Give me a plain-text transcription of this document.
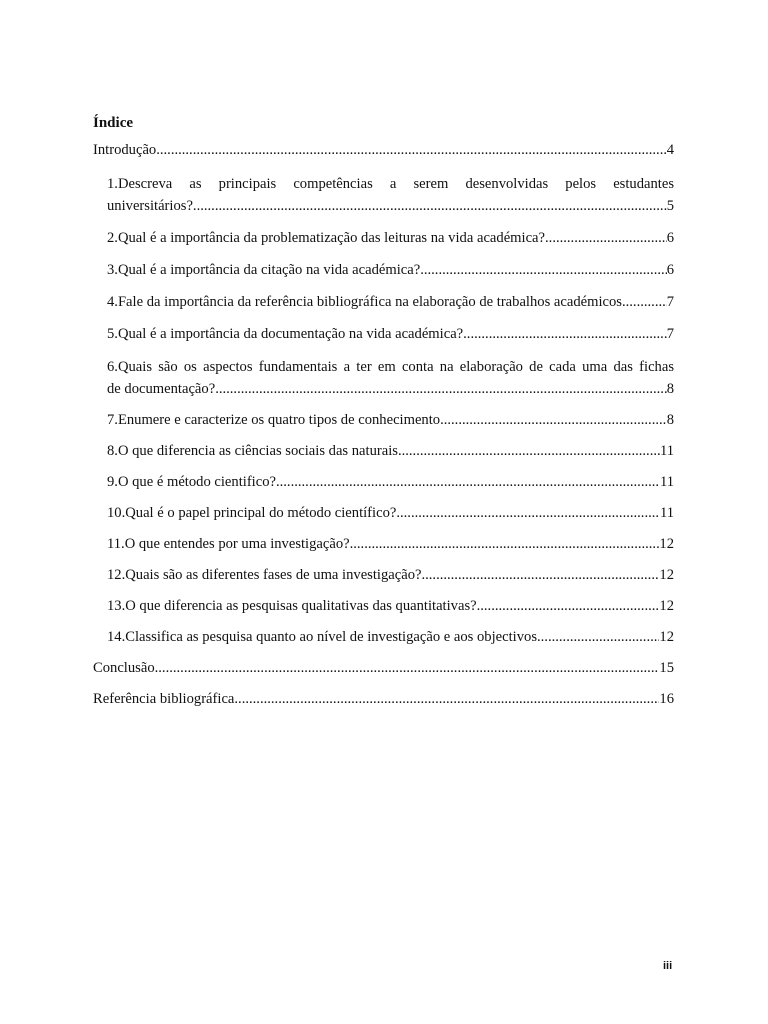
Índice
Introdução .....	4
1.Descreva as principais competências a serem desenvolvidas pelos estudantes
universitários? .....	5
2.Qual é a importância da problematização das leituras na vida académica? .....	6
3.Qual é a importância da citação na vida académica? .....	6
4.Fale da importância da referência bibliográfica na elaboração de trabalhos académicos .....	7
5.Qual é a importância da documentação na vida académica? .....	7
6.Quais são os aspectos fundamentais a ter em conta na elaboração de cada uma das fichas
de documentação? .....	8
7.Enumere e caracterize os quatro tipos de conhecimento .....	8
8.O que diferencia as ciências sociais das naturais .....	11
9.O que é método cientifico? .....	11
10.Qual é o papel principal do método científico? .....	11
11.O que entendes por uma investigação? .....	12
12.Quais são as diferentes fases de uma investigação? .....	12
13.O que diferencia as pesquisas qualitativas das quantitativas? .....	12
14.Classifica as pesquisa quanto ao nível de investigação e aos objectivos .....	12
Conclusão .....	15
Referência bibliográfica .....	16
iii
